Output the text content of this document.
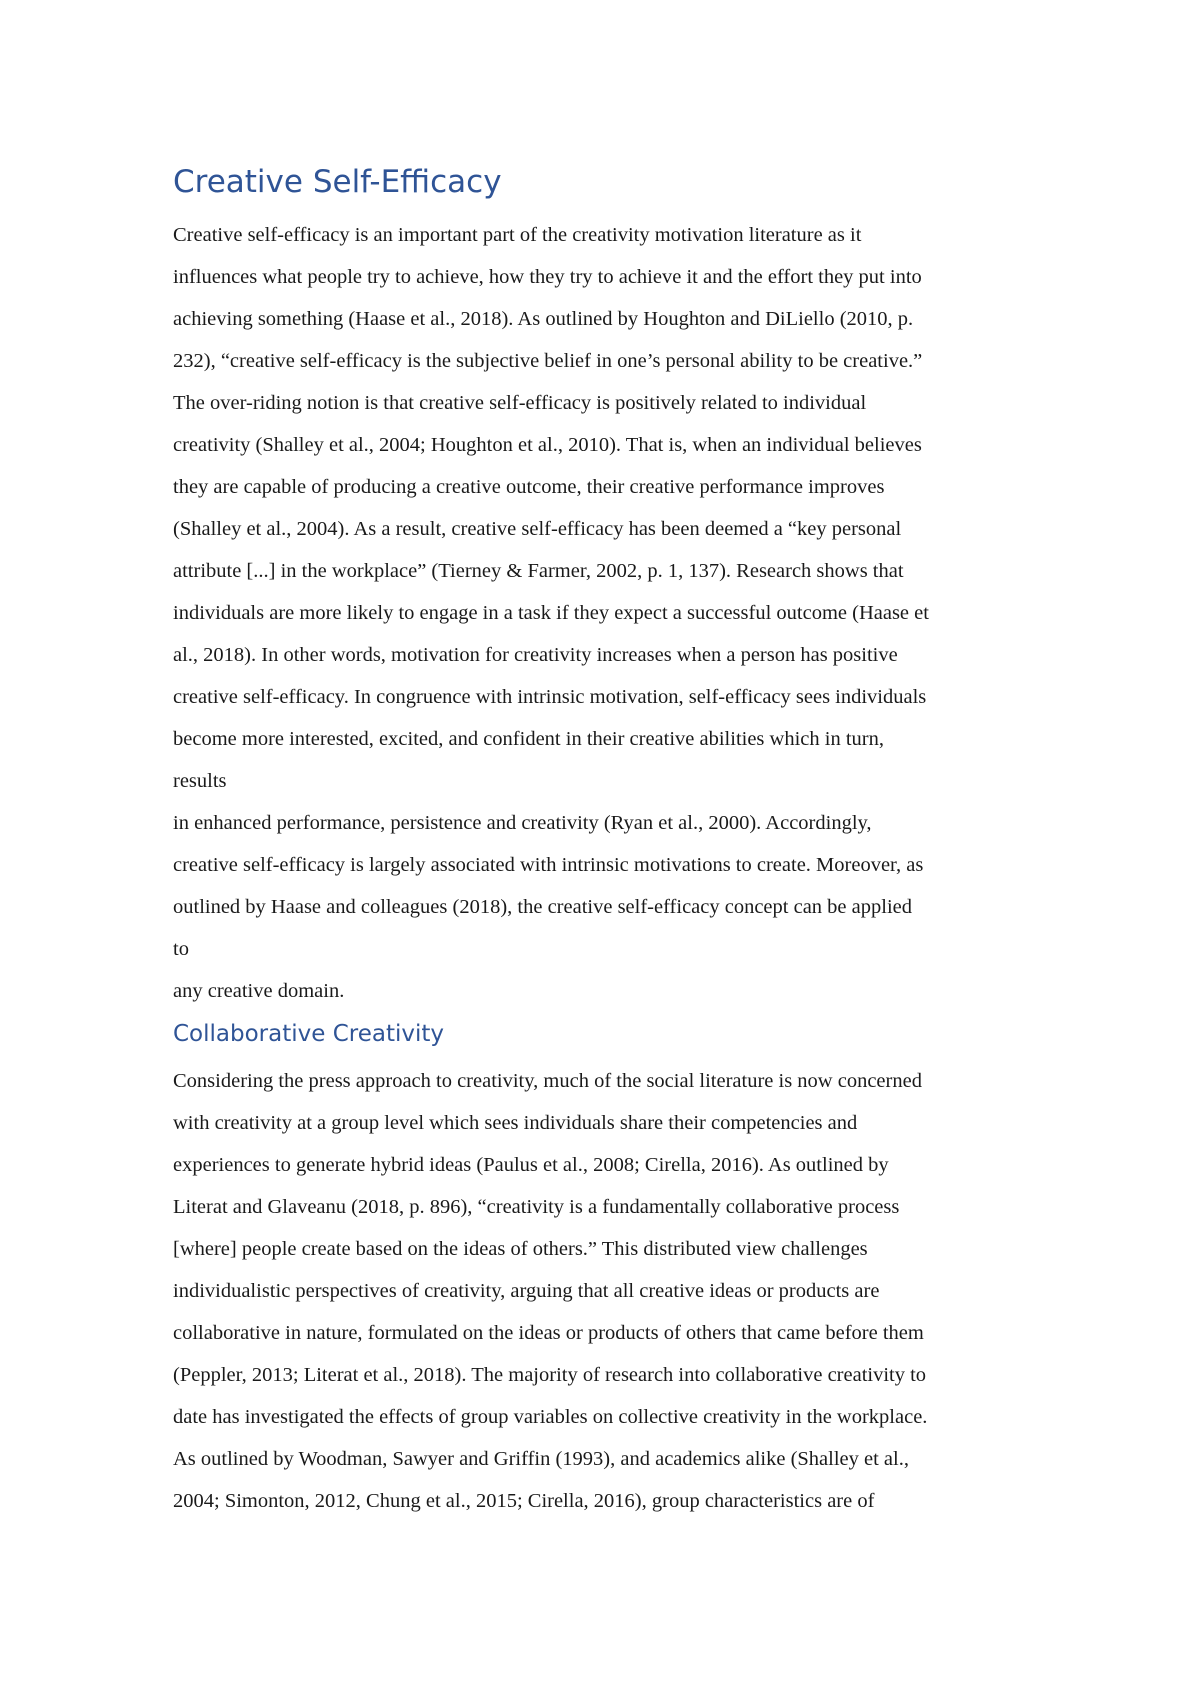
Creative Self-Efficacy
Creative self-efficacy is an important part of the creativity motivation literature as it
influences what people try to achieve, how they try to achieve it and the effort they put into
achieving something (Haase et al., 2018). As outlined by Houghton and DiLiello (2010, p.
232), “creative self-efficacy is the subjective belief in one’s personal ability to be creative.”
The over-riding notion is that creative self-efficacy is positively related to individual
creativity (Shalley et al., 2004; Houghton et al., 2010). That is, when an individual believes
they are capable of producing a creative outcome, their creative performance improves
(Shalley et al., 2004). As a result, creative self-efficacy has been deemed a “key personal
attribute [...] in the workplace” (Tierney & Farmer, 2002, p. 1, 137). Research shows that
individuals are more likely to engage in a task if they expect a successful outcome (Haase et
al., 2018). In other words, motivation for creativity increases when a person has positive
creative self-efficacy. In congruence with intrinsic motivation, self-efficacy sees individuals
become more interested, excited, and confident in their creative abilities which in turn,
results
in enhanced performance, persistence and creativity (Ryan et al., 2000). Accordingly,
creative self-efficacy is largely associated with intrinsic motivations to create. Moreover, as
outlined by Haase and colleagues (2018), the creative self-efficacy concept can be applied
to
any creative domain.
Collaborative Creativity
Considering the press approach to creativity, much of the social literature is now concerned
with creativity at a group level which sees individuals share their competencies and
experiences to generate hybrid ideas (Paulus et al., 2008; Cirella, 2016). As outlined by
Literat and Glaveanu (2018, p. 896), “creativity is a fundamentally collaborative process
[where] people create based on the ideas of others.” This distributed view challenges
individualistic perspectives of creativity, arguing that all creative ideas or products are
collaborative in nature, formulated on the ideas or products of others that came before them
(Peppler, 2013; Literat et al., 2018). The majority of research into collaborative creativity to
date has investigated the effects of group variables on collective creativity in the workplace.
As outlined by Woodman, Sawyer and Griffin (1993), and academics alike (Shalley et al.,
2004; Simonton, 2012, Chung et al., 2015; Cirella, 2016), group characteristics are of
